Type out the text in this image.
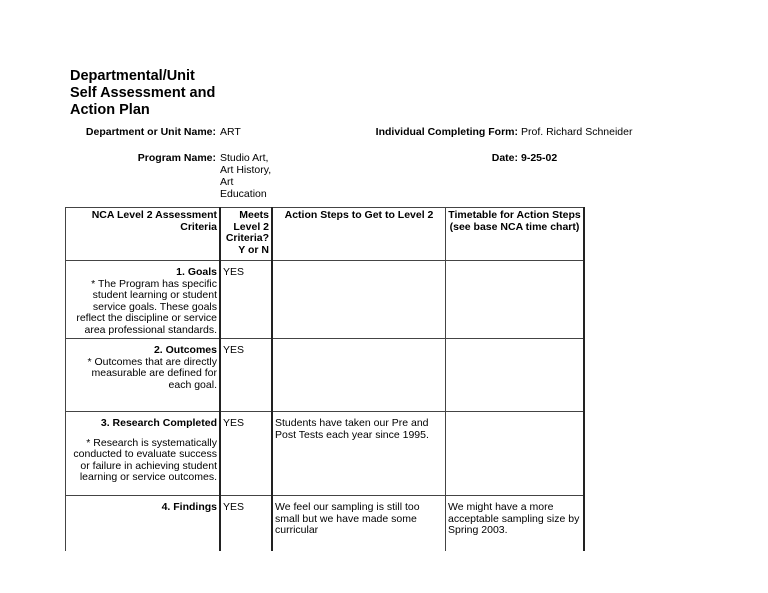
Departmental/Unit
Self Assessment and
Action Plan
Department or Unit Name: ART	Individual Completing Form: Prof. Richard Schneider
Program Name: Studio Art,
Art History,
Art
Education
Date: 9-25-02
NCA Level 2 Assessment Criteria	Meets Level 2 Criteria? Y or N	Action Steps to Get to Level 2	Timetable for Action Steps (see base NCA time chart)

1. Goals
* The Program has specific student learning or student service goals. These goals reflect the discipline or service area professional standards.	YES		

2. Outcomes
* Outcomes that are directly measurable are defined for each goal.	YES		

3. Research Completed
* Research is systematically conducted to evaluate success or failure in achieving student learning or service outcomes.	YES	Students have taken our Pre and Post Tests each year since 1995.	

4. Findings	YES	We feel our sampling is still too small but we have made some curricular	We might have a more acceptable sampling size by Spring 2003.
